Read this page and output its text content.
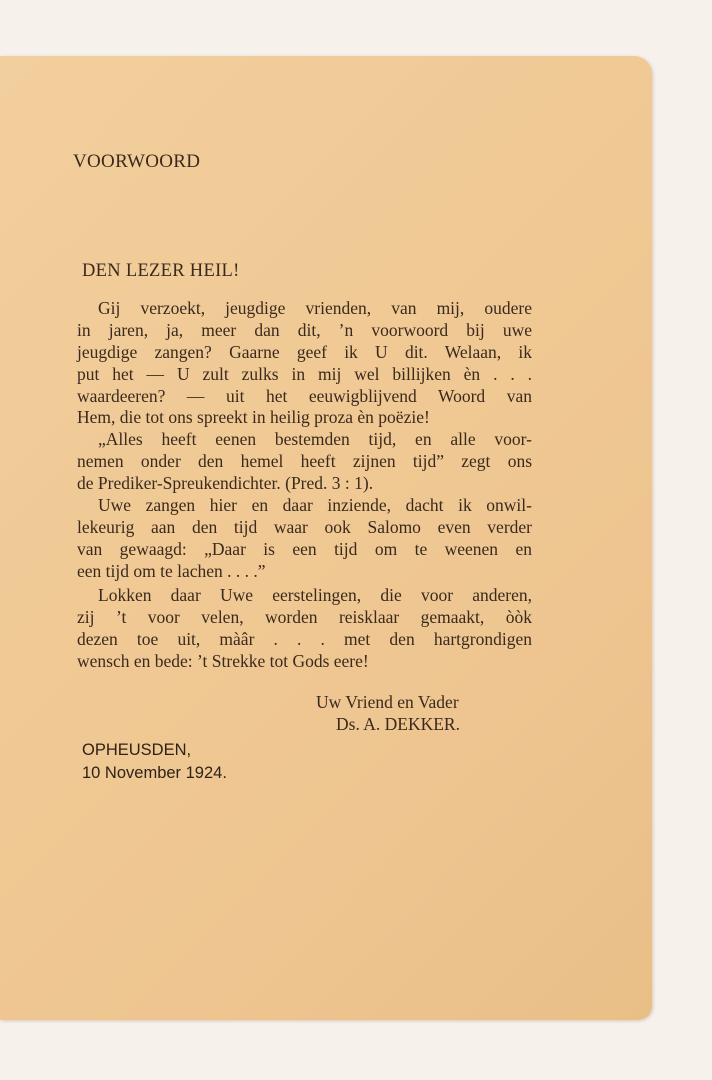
VOORWOORD
DEN LEZER HEIL!
Gij verzoekt, jeugdige vrienden, van mij, oudere
in jaren, ja, meer dan dit, ’n voorwoord bij uwe
jeugdige zangen? Gaarne geef ik U dit. Welaan, ik
put het — U zult zulks in mij wel billijken èn . . .
waardeeren? — uit het eeuwigblijvend Woord van
Hem, die tot ons spreekt in heilig proza èn poëzie!
„Alles heeft eenen bestemden tijd, en alle voor-
nemen onder den hemel heeft zijnen tijd” zegt ons
de Prediker-Spreukendichter. (Pred. 3 : 1).
Uwe zangen hier en daar inziende, dacht ik onwil-
lekeurig aan den tijd waar ook Salomo even verder
van gewaagd: „Daar is een tijd om te weenen en
een tijd om te lachen . . . .”
Lokken daar Uwe eerstelingen, die voor anderen,
zij ’t voor velen, worden reisklaar gemaakt, òòk
dezen toe uit, màâr . . . met den hartgrondigen
wensch en bede: ’t Strekke tot Gods eere!
Uw Vriend en Vader
Ds. A. DEKKER.
OPHEUSDEN,
10 November 1924.
